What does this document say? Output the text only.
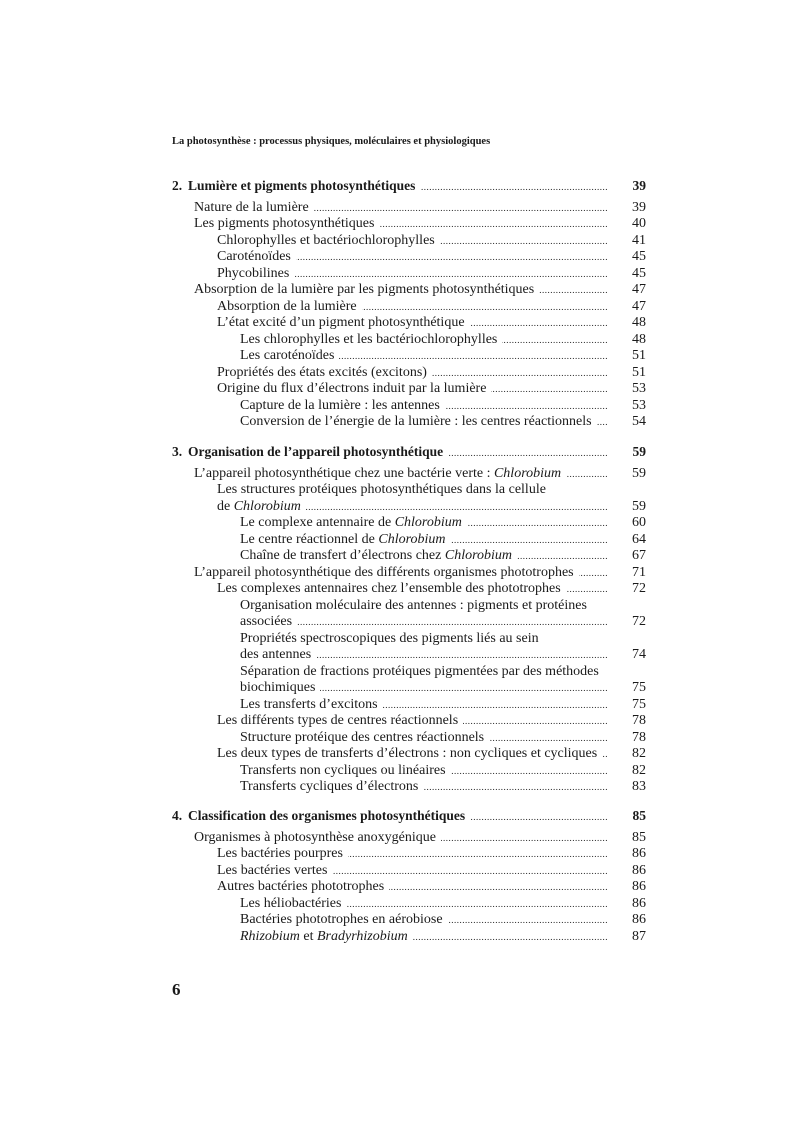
La photosynthèse : processus physiques, moléculaires et physiologiques
2. Lumière et pigments photosynthétiques .....	39
Nature de la lumière .....	39
Les pigments photosynthétiques .....	40
Chlorophylles et bactériochlorophylles .....	41
Caroténoïdes .....	45
Phycobilines .....	45
Absorption de la lumière par les pigments photosynthétiques .....	47
Absorption de la lumière .....	47
L’état excité d’un pigment photosynthétique .....	48
Les chlorophylles et les bactériochlorophylles .....	48
Les caroténoïdes .....	51
Propriétés des états excités (excitons) .....	51
Origine du flux d’électrons induit par la lumière .....	53
Capture de la lumière : les antennes .....	53
Conversion de l’énergie de la lumière : les centres réactionnels .....	54
3. Organisation de l’appareil photosynthétique .....	59
L’appareil photosynthétique chez une bactérie verte : Chlorobium .....	59
Les structures protéiques photosynthétiques dans la cellule
de Chlorobium .....	59
Le complexe antennaire de Chlorobium .....	60
Le centre réactionnel de Chlorobium .....	64
Chaîne de transfert d’électrons chez Chlorobium .....	67
L’appareil photosynthétique des différents organismes phototrophes .....	71
Les complexes antennaires chez l’ensemble des phototrophes .....	72
Organisation moléculaire des antennes : pigments et protéines
associées .....	72
Propriétés spectroscopiques des pigments liés au sein
des antennes .....	74
Séparation de fractions protéiques pigmentées par des méthodes
biochimiques .....	75
Les transferts d’excitons .....	75
Les différents types de centres réactionnels .....	78
Structure protéique des centres réactionnels .....	78
Les deux types de transferts d’électrons : non cycliques et cycliques .....	82
Transferts non cycliques ou linéaires .....	82
Transferts cycliques d’électrons .....	83
4. Classification des organismes photosynthétiques .....	85
Organismes à photosynthèse anoxygénique .....	85
Les bactéries pourpres .....	86
Les bactéries vertes .....	86
Autres bactéries phototrophes .....	86
Les héliobactéries .....	86
Bactéries phototrophes en aérobiose .....	86
Rhizobium et Bradyrhizobium .....	87
6
